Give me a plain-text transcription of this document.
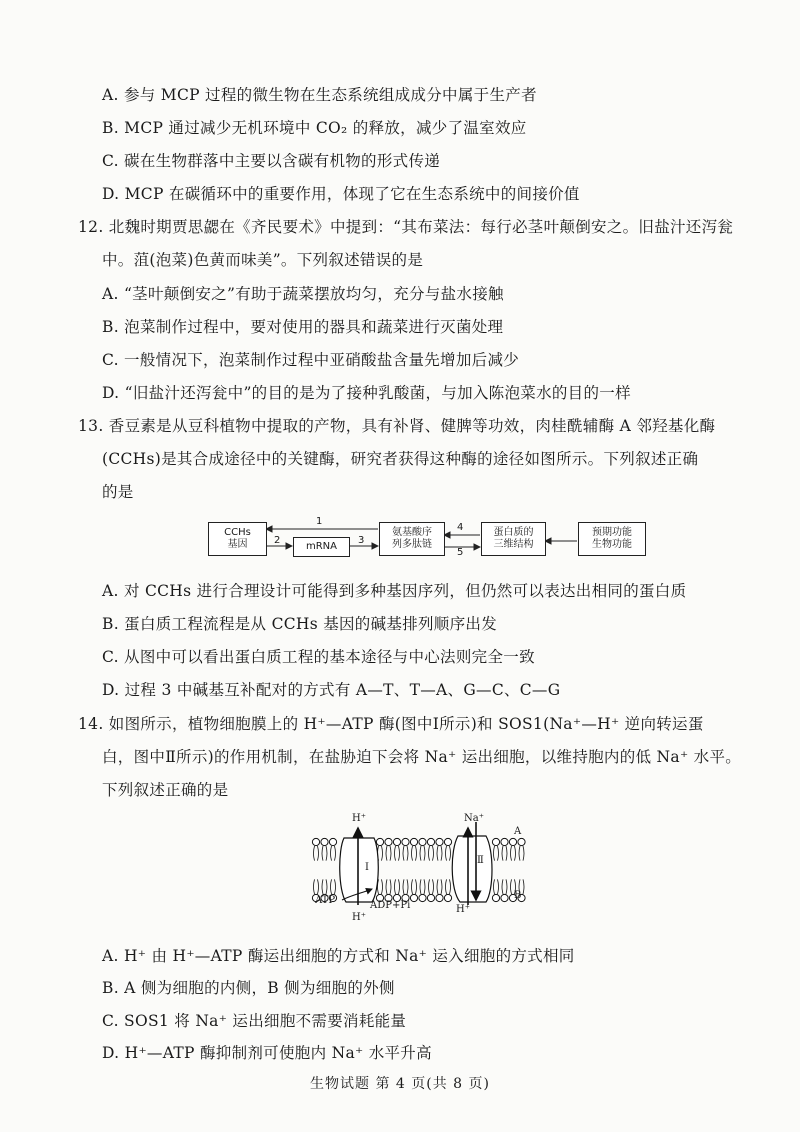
A. 参与 MCP 过程的微生物在生态系统组成成分中属于生产者
B. MCP 通过减少无机环境中 CO₂ 的释放，减少了温室效应
C. 碳在生物群落中主要以含碳有机物的形式传递
D. MCP 在碳循环中的重要作用，体现了它在生态系统中的间接价值
12. 北魏时期贾思勰在《齐民要术》中提到：“其布菜法：每行必茎叶颠倒安之。旧盐汁还泻瓮
中。菹(泡菜)色黄而味美”。下列叙述错误的是
A. “茎叶颠倒安之”有助于蔬菜摆放均匀，充分与盐水接触
B. 泡菜制作过程中，要对使用的器具和蔬菜进行灭菌处理
C. 一般情况下，泡菜制作过程中亚硝酸盐含量先增加后减少
D. “旧盐汁还泻瓮中”的目的是为了接种乳酸菌，与加入陈泡菜水的目的一样
13. 香豆素是从豆科植物中提取的产物，具有补肾、健脾等功效，肉桂酰辅酶 A 邻羟基化酶
(CCHs)是其合成途径中的关键酶，研究者获得这种酶的途径如图所示。下列叙述正确
的是
CCHs
基因	mRNA
氨基酸序
列多肽链
蛋白质的
三维结构
预期功能
生物功能
1
2	3
4
5
A. 对 CCHs 进行合理设计可能得到多种基因序列，但仍然可以表达出相同的蛋白质
B. 蛋白质工程流程是从 CCHs 基因的碱基排列顺序出发
C. 从图中可以看出蛋白质工程的基本途径与中心法则完全一致
D. 过程 3 中碱基互补配对的方式有 A—T、T—A、G—C、C—G
14. 如图所示，植物细胞膜上的 H⁺—ATP 酶(图中Ⅰ所示)和 SOS1(Na⁺—H⁺ 逆向转运蛋
白，图中Ⅱ所示)的作用机制，在盐胁迫下会将 Na⁺ 运出细胞，以维持胞内的低 Na⁺ 水平。
下列叙述正确的是
H⁺	Na⁺
A
B
Ⅰ
Ⅱ
ATP	ADP+Pi
H⁺
H⁺
A. H⁺ 由 H⁺—ATP 酶运出细胞的方式和 Na⁺ 运入细胞的方式相同
B. A 侧为细胞的内侧，B 侧为细胞的外侧
C. SOS1 将 Na⁺ 运出细胞不需要消耗能量
D. H⁺—ATP 酶抑制剂可使胞内 Na⁺ 水平升高
生物试题 第 4 页(共 8 页)
